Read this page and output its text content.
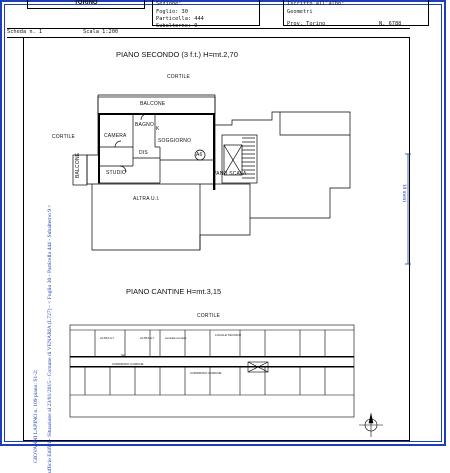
TORINO	Sezione:
Foglio: 30
Particella: 444
Subalterno: 9
Iscritto all'albo:
Geometri
Prov. Torino	N. 6788
Scheda n. 1	Scala 1:200
ufficio Edifici - Situazione al 23/01/2015 - Comune di VENARIA (L727) - < Foglio 30 - Particella 444 - Subalterno 9 >
GIOVANNI LAPINO n. 109 piano: S1-2;
10 metri
PIANO SECONDO (3 f.t.) H=mt.2,70
CORTILE
CORTILE
BALCONE
CAMERA
BAGNO
K
SOGGIORNO
DIS
STUDIO
BALCONE	VANO SCALA
A6
ALTRA U.I.
PIANO CANTINE H=mt.3,15
CORTILE
ALTRA U.I.	ALTRA U.I.
S2
CORRIDOIO COMUNE
CORRIDOIO COMUNE
LOCALE TECNICO
centrale termica
